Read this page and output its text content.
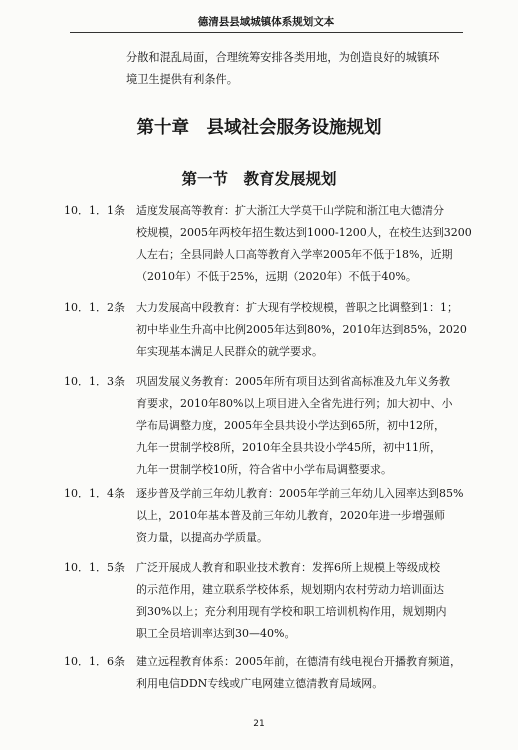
德清县县域城镇体系规划文本
分散和混乱局面，合理统筹安排各类用地，为创造良好的城镇环
境卫生提供有利条件。
第十章　县域社会服务设施规划
第一节　教育发展规划
10．1．1条	适度发展高等教育：扩大浙江大学莫干山学院和浙江电大德清分
校规模，2005年两校年招生数达到1000-1200人，在校生达到3200
人左右；全县同龄人口高等教育入学率2005年不低于18%，近期
（2010年）不低于25%，远期（2020年）不低于40%。
10．1．2条	大力发展高中段教育：扩大现有学校规模，普职之比调整到1：1；
初中毕业生升高中比例2005年达到80%，2010年达到85%，2020
年实现基本满足人民群众的就学要求。
10．1．3条	巩固发展义务教育：2005年所有项目达到省高标准及九年义务教
育要求，2010年80%以上项目进入全省先进行列；加大初中、小
学布局调整力度，2005年全县共设小学达到65所，初中12所，
九年一贯制学校8所，2010年全县共设小学45所，初中11所，
九年一贯制学校10所，符合省中小学布局调整要求。
10．1．4条	逐步普及学前三年幼儿教育：2005年学前三年幼儿入园率达到85%
以上，2010年基本普及前三年幼儿教育，2020年进一步增强师
资力量，以提高办学质量。
10．1．5条	广泛开展成人教育和职业技术教育：发挥6所上规模上等级成校
的示范作用，建立联系学校体系，规划期内农村劳动力培训面达
到30%以上；充分利用现有学校和职工培训机构作用，规划期内
职工全员培训率达到30—40%。
10．1．6条	建立远程教育体系：2005年前，在德清有线电视台开播教育频道，
利用电信DDN专线或广电网建立德清教育局域网。
21
